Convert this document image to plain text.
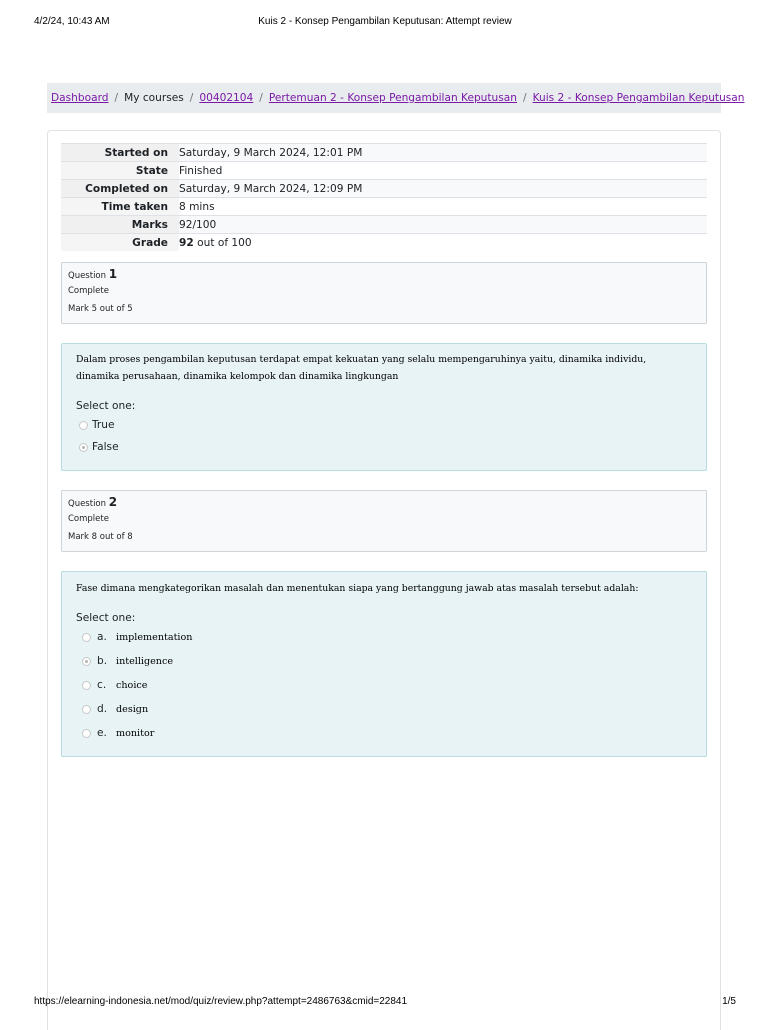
4/2/24, 10:43 AM	Kuis 2 - Konsep Pengambilan Keputusan: Attempt review
Dashboard / My courses / 00402104 / Pertemuan 2 - Konsep Pengambilan Keputusan / Kuis 2 - Konsep Pengambilan Keputusan
Started on	Saturday, 9 March 2024, 12:01 PM
State	Finished
Completed on	Saturday, 9 March 2024, 12:09 PM
Time taken	8 mins
Marks	92/100
Grade	92 out of 100
Question 1
Complete
Mark 5 out of 5
Dalam proses pengambilan keputusan terdapat empat kekuatan yang selalu mempengaruhinya yaitu, dinamika individu, dinamika perusahaan, dinamika kelompok dan dinamika lingkungan
Select one:
True
False
Question 2
Complete
Mark 8 out of 8
Fase dimana mengkategorikan masalah dan menentukan siapa yang bertanggung jawab atas masalah tersebut adalah:
Select one:
a. implementation
b. intelligence
c.	choice
d. design
e. monitor
https://elearning-indonesia.net/mod/quiz/review.php?attempt=2486763&cmid=22841	1/5
